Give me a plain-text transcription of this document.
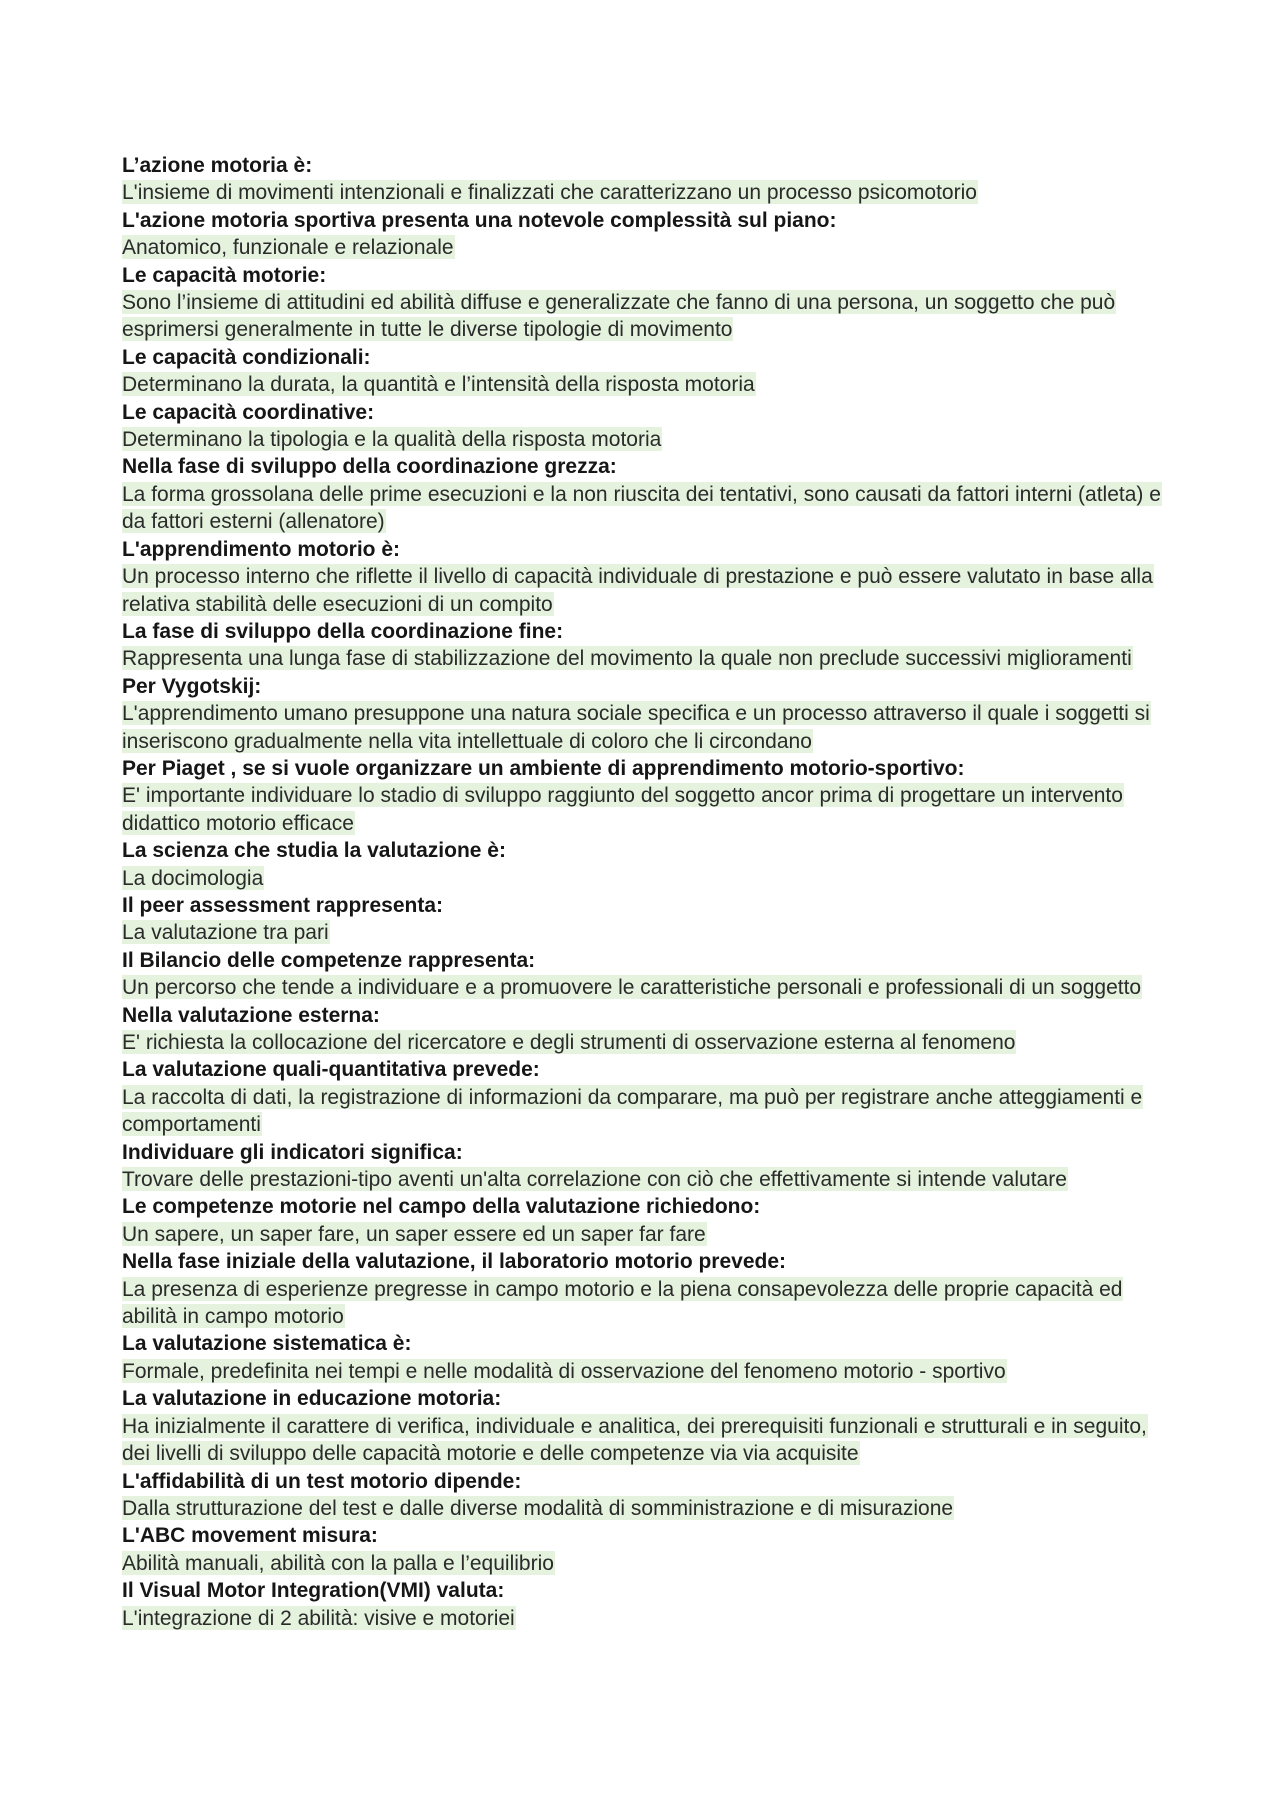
L’azione motoria è:
L'insieme di movimenti intenzionali e finalizzati che caratterizzano un processo psicomotorio
L'azione motoria sportiva presenta una notevole complessità sul piano:
Anatomico, funzionale e relazionale
Le capacità motorie:
Sono l’insieme di attitudini ed abilità diffuse e generalizzate che fanno di una persona, un soggetto che può esprimersi generalmente in tutte le diverse tipologie di movimento
Le capacità condizionali:
Determinano la durata, la quantità e l’intensità della risposta motoria
Le capacità coordinative:
Determinano la tipologia e la qualità della risposta motoria
Nella fase di sviluppo della coordinazione grezza:
La forma grossolana delle prime esecuzioni e la non riuscita dei tentativi, sono causati da fattori interni (atleta) e da fattori esterni (allenatore)
L'apprendimento motorio è:
Un processo interno che riflette il livello di capacità individuale di prestazione e può essere valutato in base alla relativa stabilità delle esecuzioni di un compito
La fase di sviluppo della coordinazione fine:
Rappresenta una lunga fase di stabilizzazione del movimento la quale non preclude successivi miglioramenti
Per Vygotskij:
L'apprendimento umano presuppone una natura sociale specifica e un processo attraverso il quale i soggetti si inseriscono gradualmente nella vita intellettuale di coloro che li circondano
Per Piaget , se si vuole organizzare un ambiente di apprendimento motorio-sportivo:
E' importante individuare lo stadio di sviluppo raggiunto del soggetto ancor prima di progettare un intervento didattico motorio efficace
La scienza che studia la valutazione è:
La docimologia
Il peer assessment rappresenta:
La valutazione tra pari
Il Bilancio delle competenze rappresenta:
Un percorso che tende a individuare e a promuovere le caratteristiche personali e professionali di un soggetto
Nella valutazione esterna:
E' richiesta la collocazione del ricercatore e degli strumenti di osservazione esterna al fenomeno
La valutazione quali-quantitativa prevede:
La raccolta di dati, la registrazione di informazioni da comparare, ma può per registrare anche atteggiamenti e comportamenti
Individuare gli indicatori significa:
Trovare delle prestazioni-tipo aventi un'alta correlazione con ciò che effettivamente si intende valutare
Le competenze motorie nel campo della valutazione richiedono:
Un sapere, un saper fare, un saper essere ed un saper far fare
Nella fase iniziale della valutazione, il laboratorio motorio prevede:
La presenza di esperienze pregresse in campo motorio e la piena consapevolezza delle proprie capacità ed abilità in campo motorio
La valutazione sistematica è:
Formale, predefinita nei tempi e nelle modalità di osservazione del fenomeno motorio - sportivo
La valutazione in educazione motoria:
Ha inizialmente il carattere di verifica, individuale e analitica, dei prerequisiti funzionali e strutturali e in seguito, dei livelli di sviluppo delle capacità motorie e delle competenze via via acquisite
L'affidabilità di un test motorio dipende:
Dalla strutturazione del test e dalle diverse modalità di somministrazione e di misurazione
L'ABC movement misura:
Abilità manuali, abilità con la palla e l’equilibrio
Il Visual Motor Integration(VMI) valuta:
L'integrazione di 2 abilità: visive e motoriei
